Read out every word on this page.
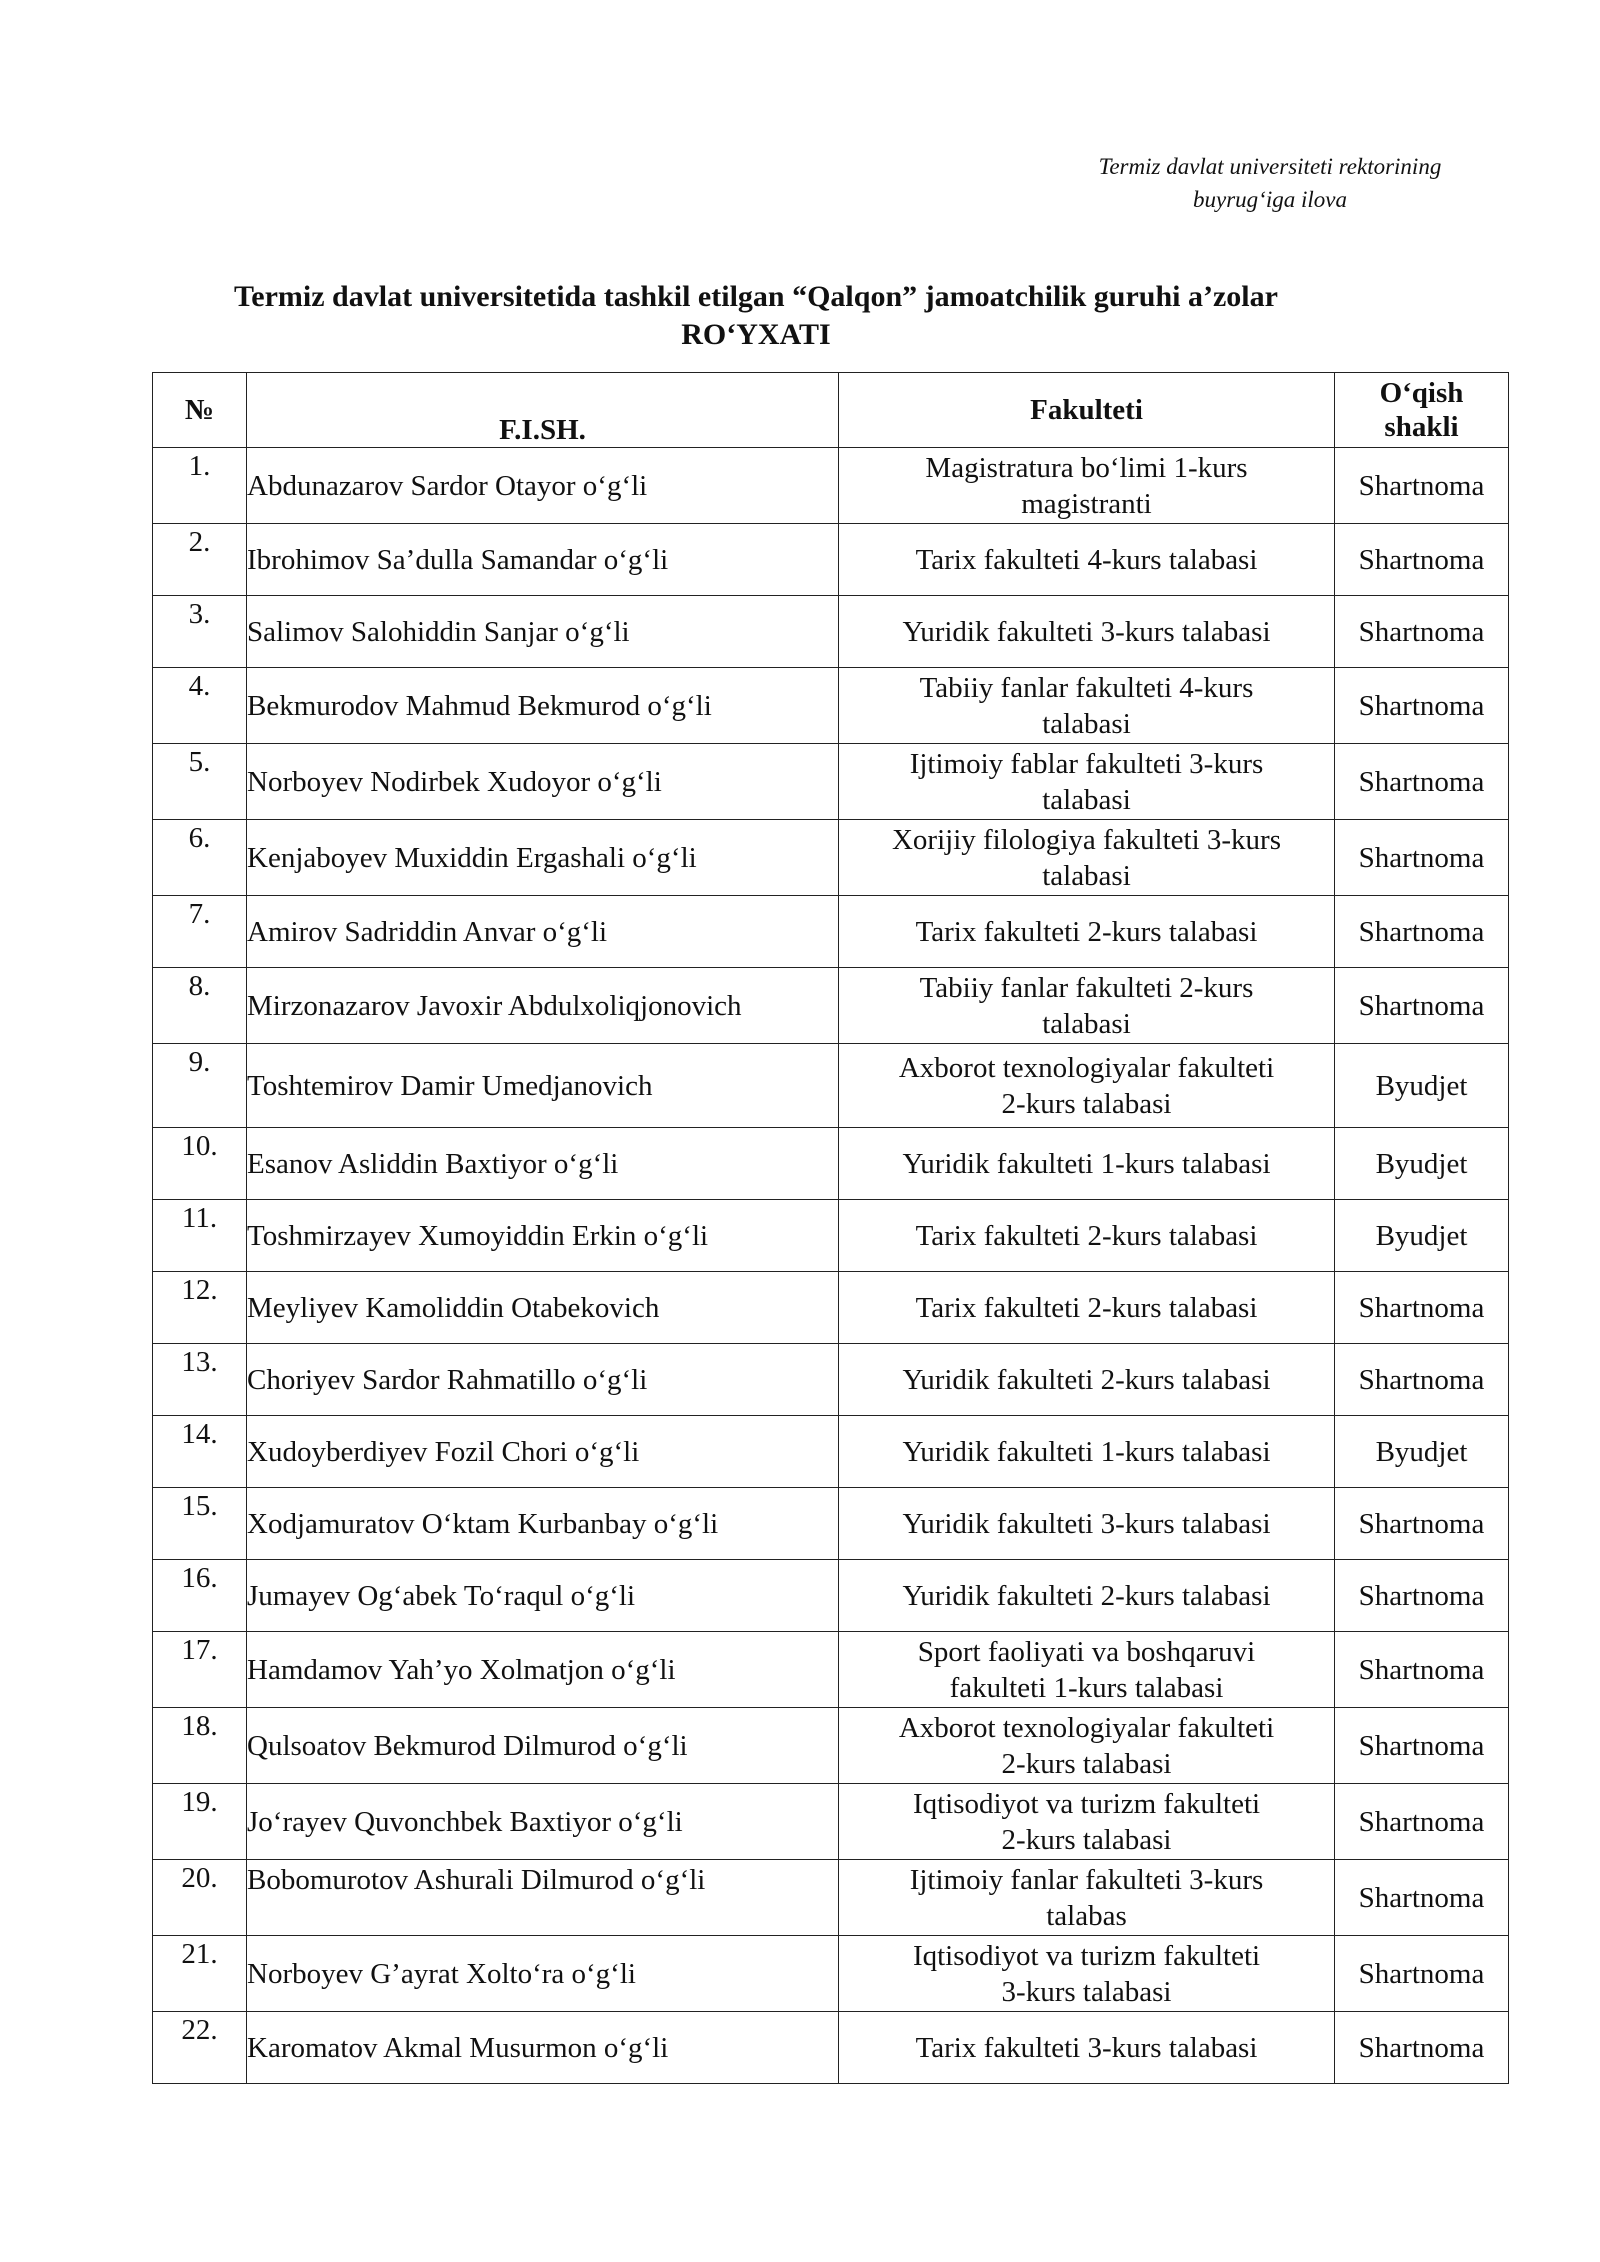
Termiz davlat universiteti rektorining
buyrug‘iga ilova
Termiz davlat universitetida tashkil etilgan “Qalqon” jamoatchilik guruhi a’zolar
RO‘YXATI
№	F.I.SH.	Fakulteti	O‘qish
shakli

1.	Abdunazarov Sardor Otayor o‘g‘li	Magistratura bo‘limi 1-kurs
magistranti	Shartnoma
2.	Ibrohimov Sa’dulla Samandar o‘g‘li	Tarix fakulteti 4-kurs talabasi	Shartnoma
3.	Salimov Salohiddin Sanjar o‘g‘li	Yuridik fakulteti 3-kurs talabasi	Shartnoma
4.	Bekmurodov Mahmud Bekmurod o‘g‘li	Tabiiy fanlar fakulteti 4-kurs
talabasi	Shartnoma
5.	Norboyev Nodirbek Xudoyor o‘g‘li	Ijtimoiy fablar fakulteti 3-kurs
talabasi	Shartnoma
6.	Kenjaboyev Muxiddin Ergashali o‘g‘li	Xorijiy filologiya fakulteti 3-kurs
talabasi	Shartnoma
7.	Amirov Sadriddin Anvar o‘g‘li	Tarix fakulteti 2-kurs talabasi	Shartnoma
8.	Mirzonazarov Javoxir Abdulxoliqjonovich	Tabiiy fanlar fakulteti 2-kurs
talabasi	Shartnoma
9.	Toshtemirov Damir Umedjanovich	Axborot texnologiyalar fakulteti
2-kurs talabasi	Byudjet
10.	Esanov Asliddin Baxtiyor o‘g‘li	Yuridik fakulteti 1-kurs talabasi	Byudjet
11.	Toshmirzayev Xumoyiddin Erkin o‘g‘li	Tarix fakulteti 2-kurs talabasi	Byudjet
12.	Meyliyev Kamoliddin Otabekovich	Tarix fakulteti 2-kurs talabasi	Shartnoma
13.	Choriyev Sardor Rahmatillo o‘g‘li	Yuridik fakulteti 2-kurs talabasi	Shartnoma
14.	Xudoyberdiyev Fozil Chori o‘g‘li	Yuridik fakulteti 1-kurs talabasi	Byudjet
15.	Xodjamuratov O‘ktam Kurbanbay o‘g‘li	Yuridik fakulteti 3-kurs talabasi	Shartnoma
16.	Jumayev Og‘abek To‘raqul o‘g‘li	Yuridik fakulteti 2-kurs talabasi	Shartnoma
17.	Hamdamov Yah’yo Xolmatjon o‘g‘li	Sport faoliyati va boshqaruvi
fakulteti 1-kurs talabasi	Shartnoma
18.	Qulsoatov Bekmurod Dilmurod o‘g‘li	Axborot texnologiyalar fakulteti
2-kurs talabasi	Shartnoma
19.	Jo‘rayev Quvonchbek Baxtiyor o‘g‘li	Iqtisodiyot va turizm fakulteti
2-kurs talabasi	Shartnoma
20.	Bobomurotov Ashurali Dilmurod o‘g‘li	Ijtimoiy fanlar fakulteti 3-kurs
talabas	Shartnoma
21.	Norboyev G’ayrat Xolto‘ra o‘g‘li	Iqtisodiyot va turizm fakulteti
3-kurs talabasi	Shartnoma
22.	Karomatov Akmal Musurmon o‘g‘li	Tarix fakulteti 3-kurs talabasi	Shartnoma
